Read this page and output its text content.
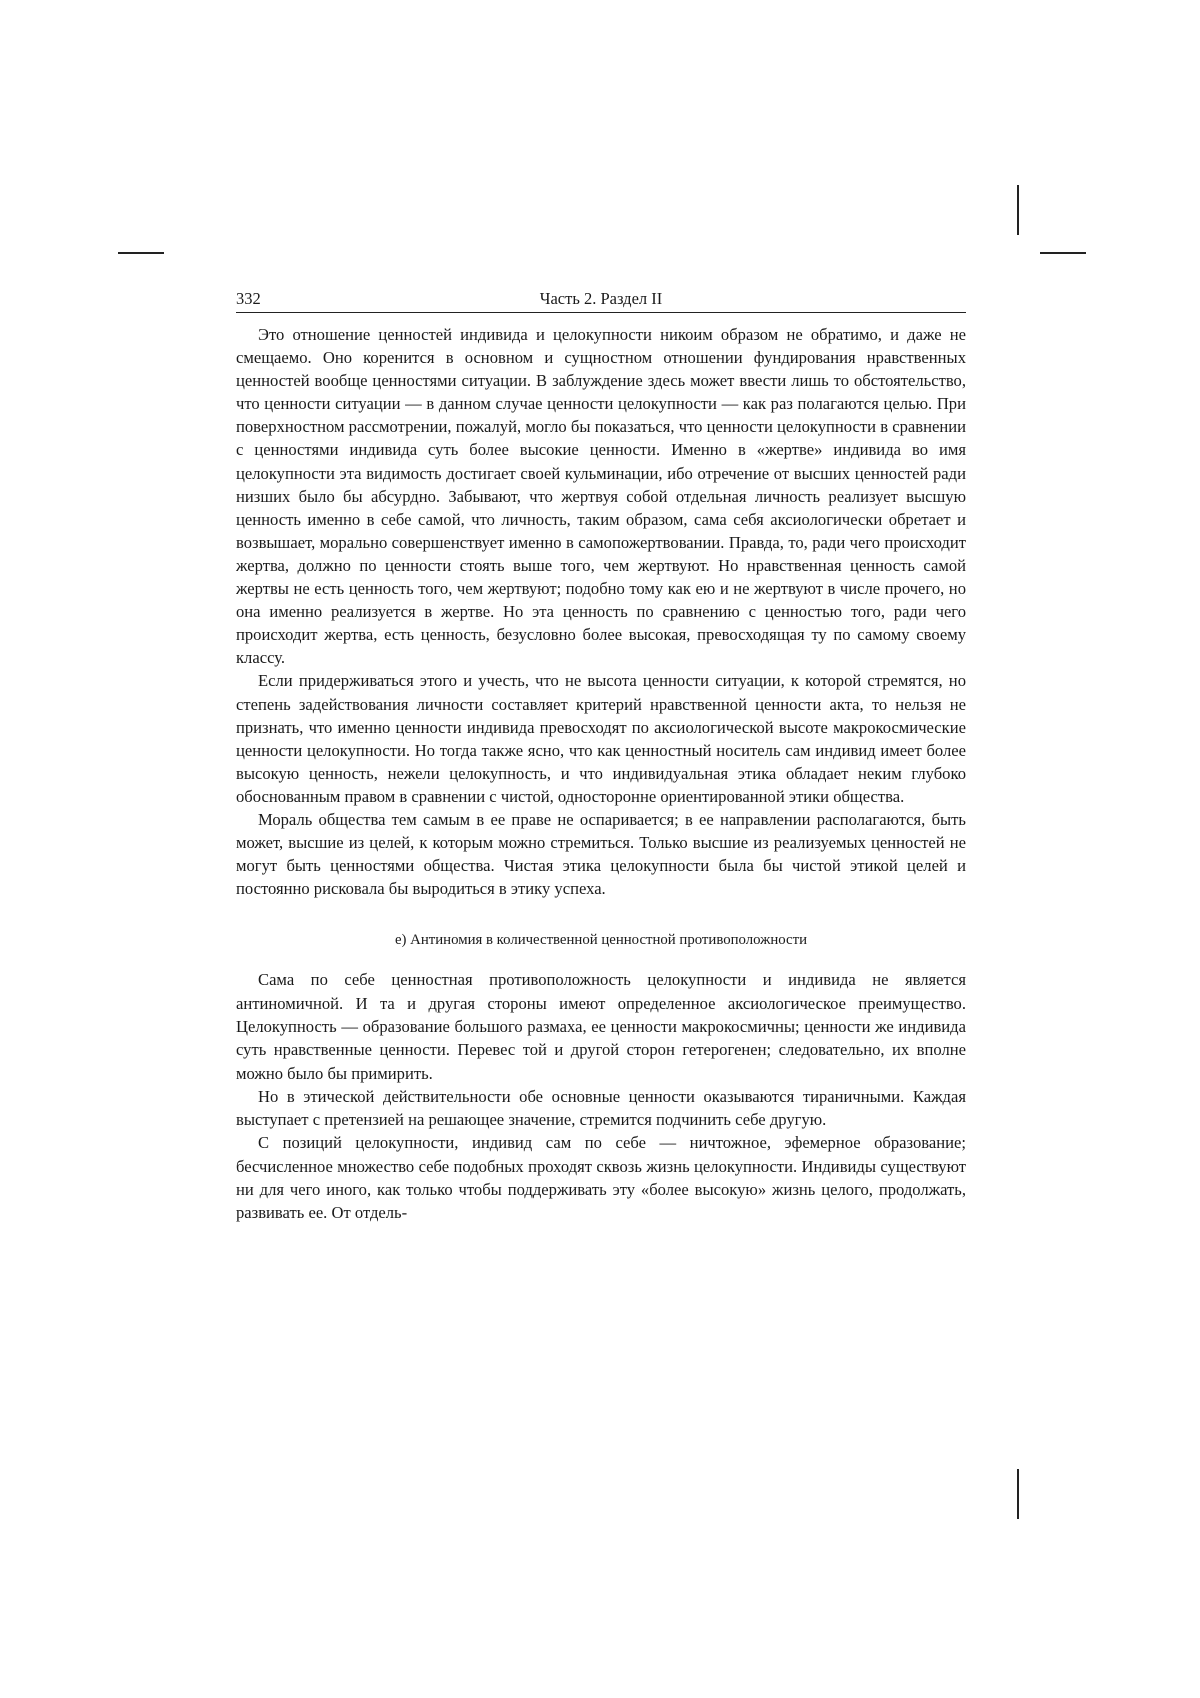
332	Часть 2. Раздел II

Это отношение ценностей индивида и целокупности никоим образом не обратимо, и даже не смещаемо. Оно коренится в основном и сущностном отношении фундирования нравственных ценностей вообще ценностями ситуации. В заблуждение здесь может ввести лишь то обстоятельство, что ценности ситуации — в данном случае ценности целокупности — как раз полагаются целью. При поверхностном рассмотрении, пожалуй, могло бы показаться, что ценности целокупности в сравнении с ценностями индивида суть более высокие ценности. Именно в «жертве» индивида во имя целокупности эта видимость достигает своей кульминации, ибо отречение от высших ценностей ради низших было бы абсурдно. Забывают, что жертвуя собой отдельная личность реализует высшую ценность именно в себе самой, что личность, таким образом, сама себя аксиологически обретает и возвышает, морально совершенствует именно в самопожертвовании. Правда, то, ради чего происходит жертва, должно по ценности стоять выше того, чем жертвуют. Но нравственная ценность самой жертвы не есть ценность того, чем жертвуют; подобно тому как ею и не жертвуют в числе прочего, но она именно реализуется в жертве. Но эта ценность по сравнению с ценностью того, ради чего происходит жертва, есть ценность, безусловно более высокая, превосходящая ту по самому своему классу.

Если придерживаться этого и учесть, что не высота ценности ситуации, к которой стремятся, но степень задействования личности составляет критерий нравственной ценности акта, то нельзя не признать, что именно ценности индивида превосходят по аксиологической высоте макрокосмические ценности целокупности. Но тогда также ясно, что как ценностный носитель сам индивид имеет более высокую ценность, нежели целокупность, и что индивидуальная этика обладает неким глубоко обоснованным правом в сравнении с чистой, односторонне ориентированной этики общества.

Мораль общества тем самым в ее праве не оспаривается; в ее направлении располагаются, быть может, высшие из целей, к которым можно стремиться. Только высшие из реализуемых ценностей не могут быть ценностями общества. Чистая этика целокупности была бы чистой этикой целей и постоянно рисковала бы выродиться в этику успеха.

е) Антиномия в количественной ценностной противоположности

Сама по себе ценностная противоположность целокупности и индивида не является антиномичной. И та и другая стороны имеют определенное аксиологическое преимущество. Целокупность — образование большого размаха, ее ценности макрокосмичны; ценности же индивида суть нравственные ценности. Перевес той и другой сторон гетерогенен; следовательно, их вполне можно было бы примирить.

Но в этической действительности обе основные ценности оказываются тираничными. Каждая выступает с претензией на решающее значение, стремится подчинить себе другую.

С позиций целокупности, индивид сам по себе — ничтожное, эфемерное образование; бесчисленное множество себе подобных проходят сквозь жизнь целокупности. Индивиды существуют ни для чего иного, как только чтобы поддерживать эту «более высокую» жизнь целого, продолжать, развивать ее. От отдель-
